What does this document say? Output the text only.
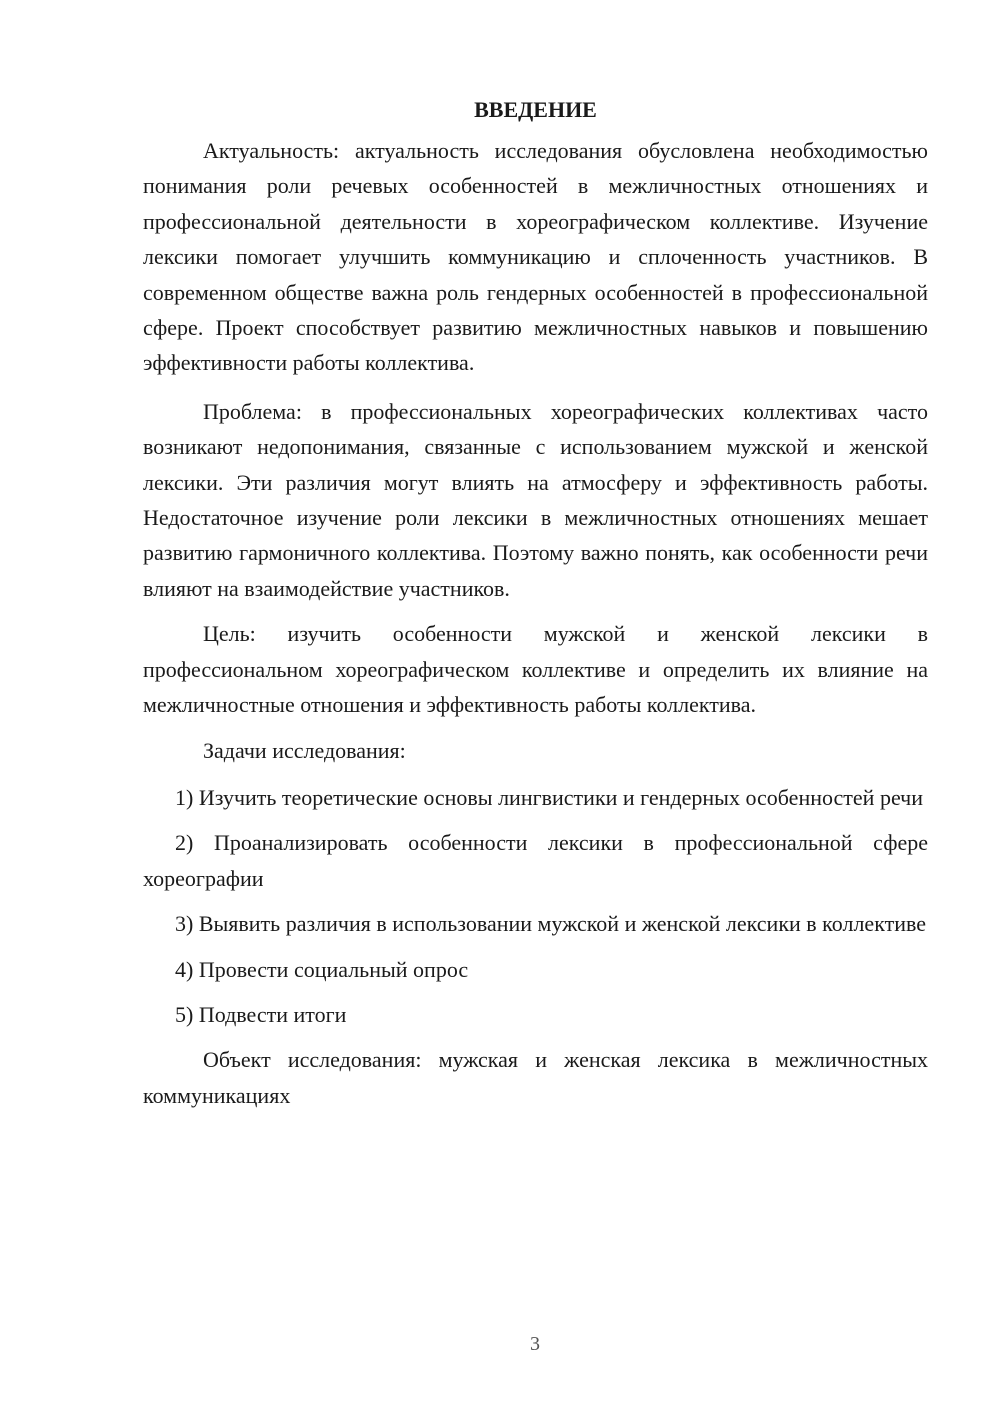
ВВЕДЕНИЕ

Актуальность: актуальность исследования обусловлена необходимостью понимания роли речевых особенностей в межличностных отношениях и профессиональной деятельности в хореографическом коллективе. Изучение лексики помогает улучшить коммуникацию и сплоченность участников. В современном обществе важна роль гендерных особенностей в профессиональной сфере. Проект способствует развитию межличностных навыков и повышению эффективности работы коллектива.

Проблема: в профессиональных хореографических коллективах часто возникают недопонимания, связанные с использованием мужской и женской лексики. Эти различия могут влиять на атмосферу и эффективность работы. Недостаточное изучение роли лексики в межличностных отношениях мешает развитию гармоничного коллектива. Поэтому важно понять, как особенности речи влияют на взаимодействие участников.

Цель: изучить особенности мужской и женской лексики в профессиональном хореографическом коллективе и определить их влияние на межличностные отношения и эффективность работы коллектива.

Задачи исследования:

1) Изучить теоретические основы лингвистики и гендерных особенностей речи

2) Проанализировать особенности лексики в профессиональной сфере хореографии

3) Выявить различия в использовании мужской и женской лексики в коллективе

4) Провести социальный опрос

5) Подвести итоги

Объект исследования: мужская и женская лексика в межличностных коммуникациях

3
